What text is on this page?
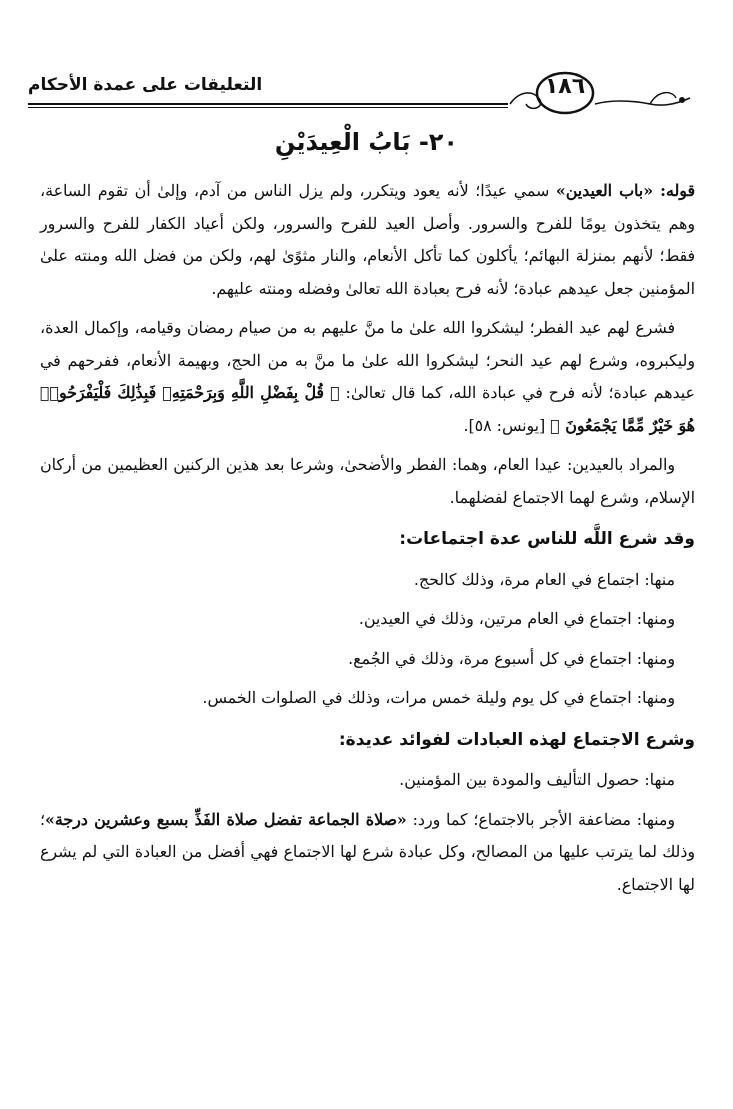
التعليقات على عمدة الأحكام	١٨٦
٢٠- بَابُ الْعِيدَيْنِ

قوله: «باب العيدين» سمي عيدًا؛ لأنه يعود ويتكرر، ولم يزل الناس من آدم، وإلىٰ أن تقوم الساعة، وهم يتخذون يومًا للفرح والسرور. وأصل العيد للفرح والسرور، ولكن أعياد الكفار للفرح والسرور فقط؛ لأنهم بمنزلة البهائم؛ يأكلون كما تأكل الأنعام، والنار مثوًىٰ لهم، ولكن من فضل الله ومنته علىٰ المؤمنين جعل عيدهم عبادة؛ لأنه فرح بعبادة الله تعالىٰ وفضله ومنته عليهم.

فشرع لهم عيد الفطر؛ ليشكروا الله علىٰ ما منَّ عليهم به من صيام رمضان وقيامه، وإكمال العدة، وليكبروه، وشرع لهم عيد النحر؛ ليشكروا الله علىٰ ما منَّ به من الحج، وبهيمة الأنعام، ففرحهم في عيدهم عبادة؛ لأنه فرح في عبادة الله، كما قال تعالىٰ: ﴿ قُلْ بِفَضْلِ اللَّهِ وَبِرَحْمَتِهِۦ فَبِذَٰلِكَ فَلْيَفْرَحُوا۟ هُوَ خَيْرٌ مِّمَّا يَجْمَعُونَ ﴾ [يونس: ٥٨].

والمراد بالعيدين: عيدا العام، وهما: الفطر والأضحىٰ، وشرعا بعد هذين الركنين العظيمين من أركان الإسلام، وشرع لهما الاجتماع لفضلهما.

وقد شرع اللَّه للناس عدة اجتماعات:

منها: اجتماع في العام مرة، وذلك كالحج.

ومنها: اجتماع في العام مرتين، وذلك في العيدين.

ومنها: اجتماع في كل أسبوع مرة، وذلك في الجُمع.

ومنها: اجتماع في كل يوم وليلة خمس مرات، وذلك في الصلوات الخمس.

وشرع الاجتماع لهذه العبادات لفوائد عديدة:

منها: حصول التأليف والمودة بين المؤمنين.

ومنها: مضاعفة الأجر بالاجتماع؛ كما ورد: «صلاة الجماعة تفضل صلاة الفَذِّ بسبع وعشرين درجة»؛ وذلك لما يترتب عليها من المصالح، وكل عبادة شرع لها الاجتماع فهي أفضل من العبادة التي لم يشرع لها الاجتماع.
